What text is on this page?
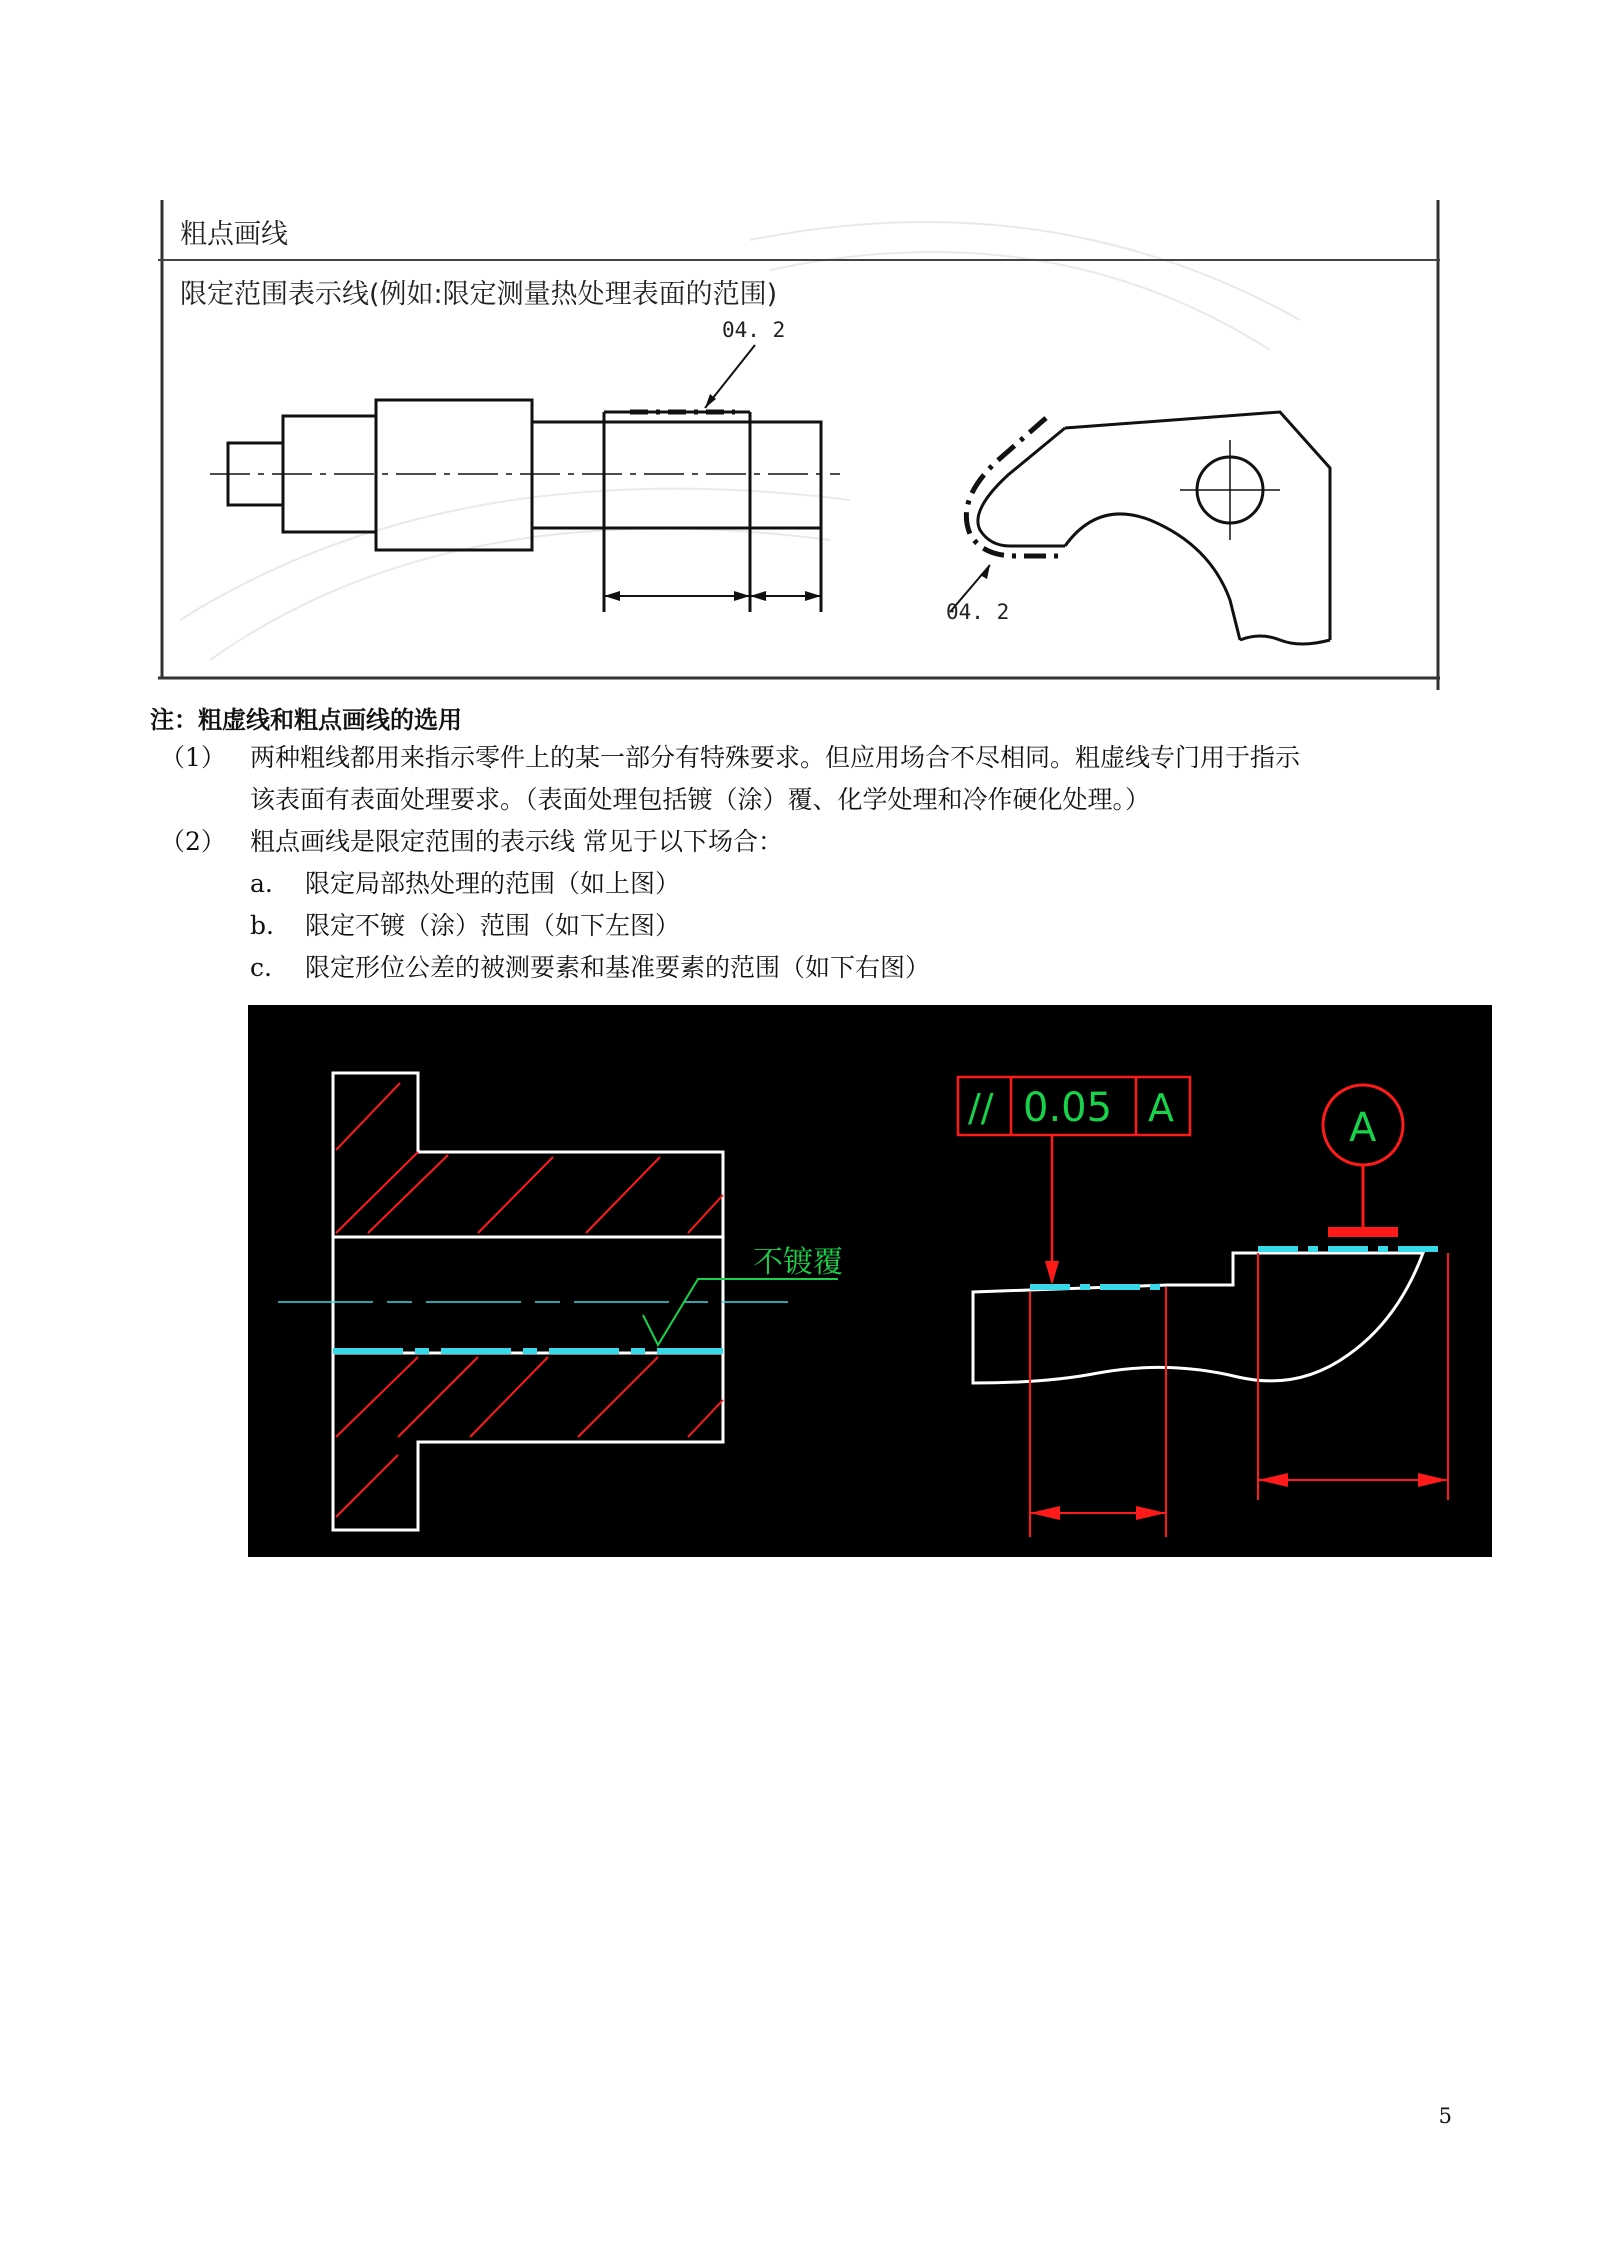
粗点画线
限定范围表示线(例如:限定测量热处理表面的范围)
04. 2
04. 2
注：粗虚线和粗点画线的选用
（1） 两种粗线都用来指示零件上的某一部分有特殊要求。但应用场合不尽相同。粗虚线专门用于指示
该表面有表面处理要求。（表面处理包括镀（涂）覆、化学处理和冷作硬化处理。）
（2） 粗点画线是限定范围的表示线 常见于以下场合：
a. 限定局部热处理的范围（如上图）
b. 限定不镀（涂）范围（如下左图）
c. 限定形位公差的被测要素和基准要素的范围（如下右图）
不镀覆
// 0.05 A	A
5
